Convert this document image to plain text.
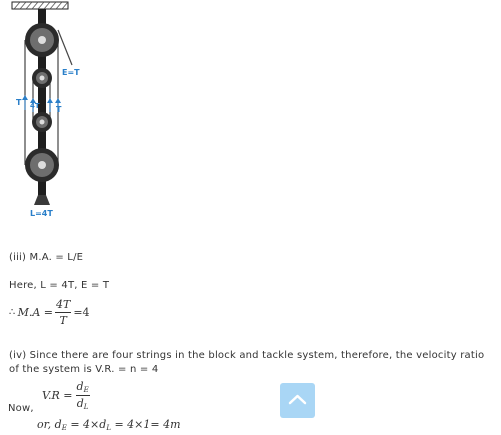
E=T
T 4T T
L=4T
(iii) M.A. = L/E
Here, L = 4T, E = T
∴ $M.A = \frac{4T}{T} =4$
(iv) Since there are four strings in the block and tackle system, therefore, the velocity ratio
of the system is V.R. = n = 4
Now,
$V.R = \frac{d_E}{d_L}$
or, $d_E = 4\times d_L = 4\times 1= 4m$
